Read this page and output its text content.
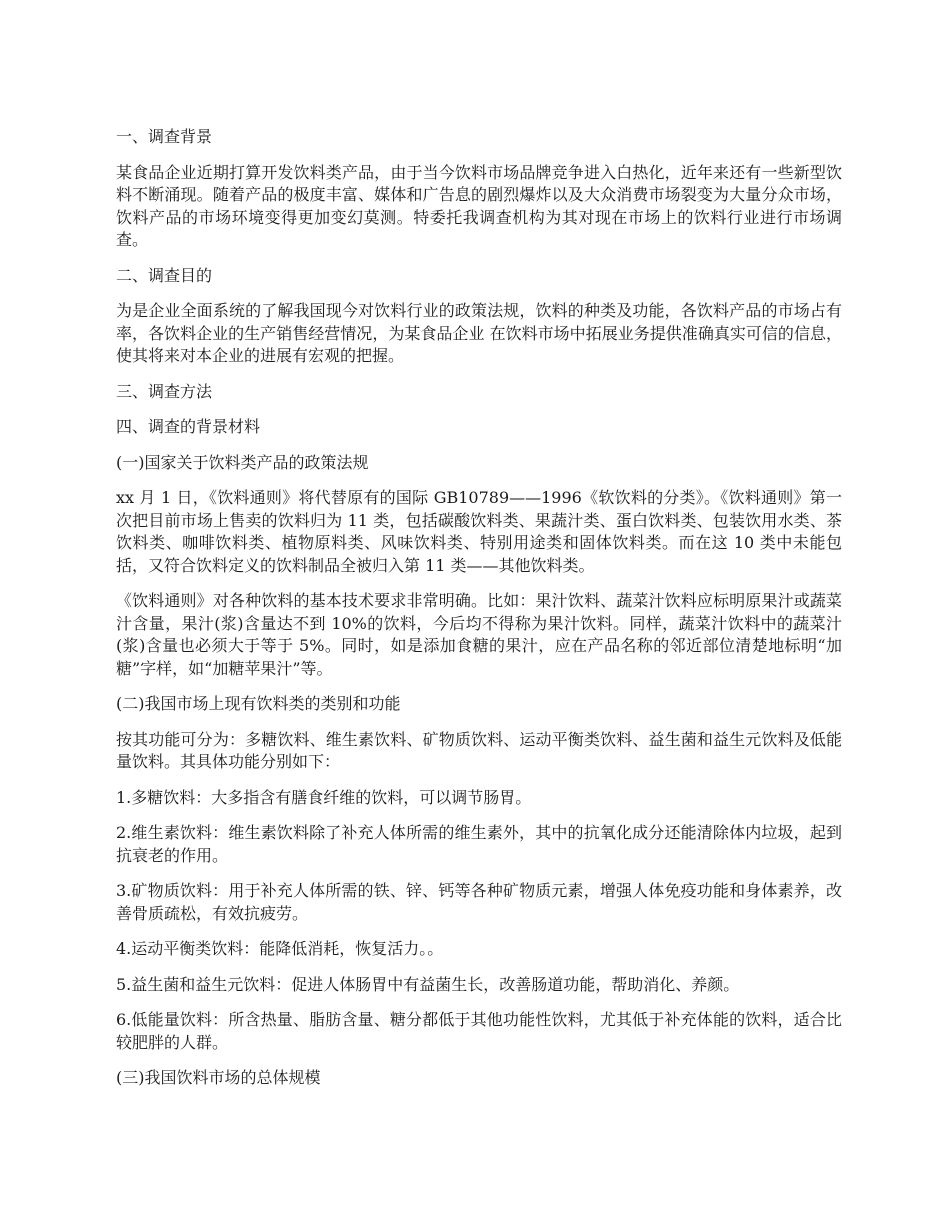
一、调查背景

某食品企业近期打算开发饮料类产品，由于当今饮料市场品牌竞争进入白热化，近年来还有一些新型饮料不断涌现。随着产品的极度丰富、媒体和广告息的剧烈爆炸以及大众消费市场裂变为大量分众市场，饮料产品的市场环境变得更加变幻莫测。特委托我调查机构为其对现在市场上的饮料行业进行市场调查。

二、调查目的

为是企业全面系统的了解我国现今对饮料行业的政策法规，饮料的种类及功能，各饮料产品的市场占有率，各饮料企业的生产销售经营情况，为某食品企业 在饮料市场中拓展业务提供准确真实可信的信息，使其将来对本企业的进展有宏观的把握。

三、调查方法

四、调查的背景材料

(一)国家关于饮料类产品的政策法规

xx 月 1 日，《饮料通则》将代替原有的国际 GB10789——1996《软饮料的分类》。《饮料通则》第一次把目前市场上售卖的饮料归为 11 类，包括碳酸饮料类、果蔬汁类、蛋白饮料类、包装饮用水类、茶饮料类、咖啡饮料类、植物原料类、风味饮料类、特别用途类和固体饮料类。而在这 10 类中未能包括，又符合饮料定义的饮料制品全被归入第 11 类——其他饮料类。

《饮料通则》对各种饮料的基本技术要求非常明确。比如：果汁饮料、蔬菜汁饮料应标明原果汁或蔬菜汁含量，果汁(浆)含量达不到 10%的饮料，今后均不得称为果汁饮料。同样，蔬菜汁饮料中的蔬菜汁(浆)含量也必须大于等于 5%。同时，如是添加食糖的果汁，应在产品名称的邻近部位清楚地标明“加糖”字样，如“加糖苹果汁”等。

(二)我国市场上现有饮料类的类别和功能

按其功能可分为：多糖饮料、维生素饮料、矿物质饮料、运动平衡类饮料、益生菌和益生元饮料及低能量饮料。其具体功能分别如下：

1.多糖饮料：大多指含有膳食纤维的饮料，可以调节肠胃。

2.维生素饮料：维生素饮料除了补充人体所需的维生素外，其中的抗氧化成分还能清除体内垃圾，起到抗衰老的作用。

3.矿物质饮料：用于补充人体所需的铁、锌、钙等各种矿物质元素，增强人体免疫功能和身体素养，改善骨质疏松，有效抗疲劳。

4.运动平衡类饮料：能降低消耗，恢复活力。。

5.益生菌和益生元饮料：促进人体肠胃中有益菌生长，改善肠道功能，帮助消化、养颜。

6.低能量饮料：所含热量、脂肪含量、糖分都低于其他功能性饮料，尤其低于补充体能的饮料，适合比较肥胖的人群。

(三)我国饮料市场的总体规模
